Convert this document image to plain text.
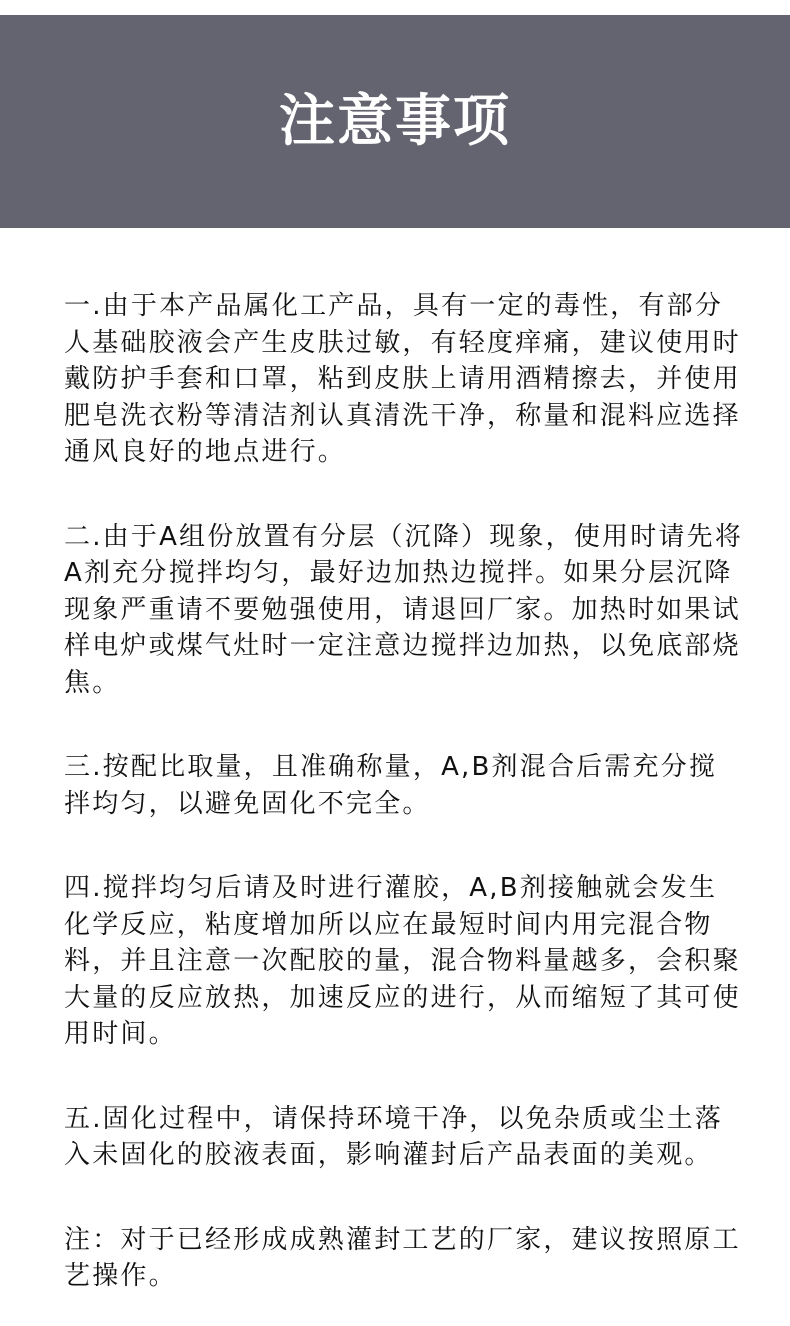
注意事项

一.由于本产品属化工产品，具有一定的毒性，有部分人基础胶液会产生皮肤过敏，有轻度痒痛，建议使用时戴防护手套和口罩，粘到皮肤上请用酒精擦去，并使用肥皂洗衣粉等清洁剂认真清洗干净，称量和混料应选择通风良好的地点进行。

二.由于A组份放置有分层（沉降）现象，使用时请先将A剂充分搅拌均匀，最好边加热边搅拌。如果分层沉降现象严重请不要勉强使用，请退回厂家。加热时如果试样电炉或煤气灶时一定注意边搅拌边加热，以免底部烧焦。

三.按配比取量，且准确称量，A,B剂混合后需充分搅拌均匀，以避免固化不完全。

四.搅拌均匀后请及时进行灌胶，A,B剂接触就会发生化学反应，粘度增加所以应在最短时间内用完混合物料，并且注意一次配胶的量，混合物料量越多，会积聚大量的反应放热，加速反应的进行，从而缩短了其可使用时间。

五.固化过程中，请保持环境干净，以免杂质或尘土落入未固化的胶液表面，影响灌封后产品表面的美观。

注：对于已经形成成熟灌封工艺的厂家，建议按照原工艺操作。
